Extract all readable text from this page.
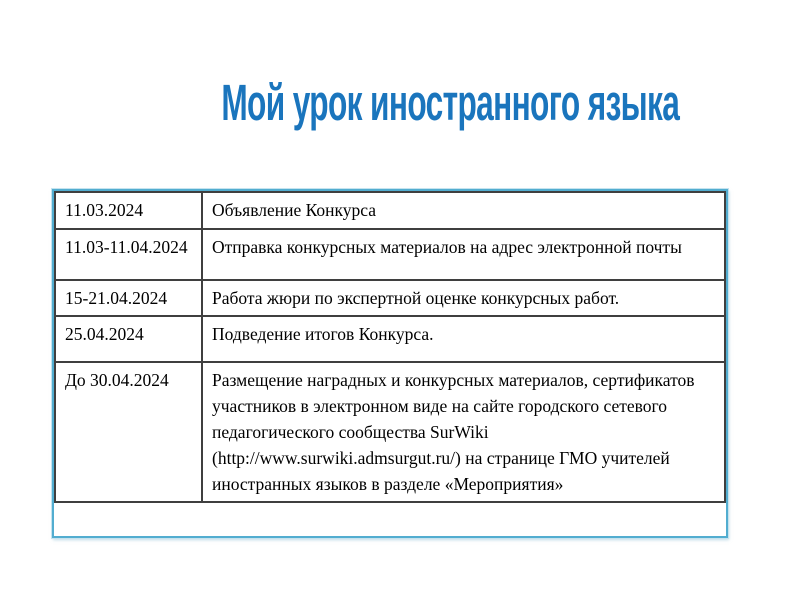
Мой урок иностранного языка
11.03.2024	Объявление Конкурса
11.03-11.04.2024	Отправка конкурсных материалов на адрес электронной почты
15-21.04.2024	Работа жюри по экспертной оценке конкурсных работ.
25.04.2024	Подведение итогов Конкурса.
До 30.04.2024	Размещение наградных и конкурсных материалов, сертификатов участников в электронном виде на сайте городского сетевого педагогического сообщества SurWiki (http://www.surwiki.admsurgut.ru/) на странице ГМО учителей иностранных языков в разделе «Мероприятия»
